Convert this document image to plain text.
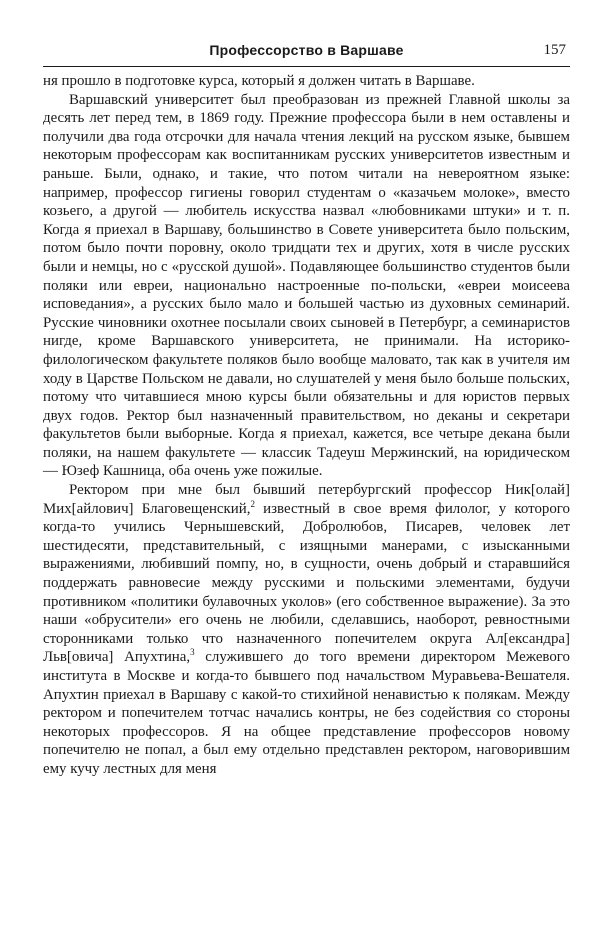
Профессорство в Варшаве	157

ня прошло в подготовке курса, который я должен читать в Варшаве.

Варшавский университет был преобразован из прежней Главной школы за десять лет перед тем, в 1869 году. Прежние профессора были в нем оставлены и получили два года отсрочки для начала чтения лекций на русском языке, бывшем некоторым профессорам как воспитанникам русских университетов известным и раньше. Были, однако, и такие, что потом читали на невероятном языке: например, профессор гигиены говорил студентам о «казачьем молоке», вместо козьего, а другой — любитель искусства назвал «любовниками штуки» и т. п. Когда я приехал в Варшаву, большинство в Совете университета было польским, потом было почти поровну, около тридцати тех и других, хотя в числе русских были и немцы, но с «русской душой». Подавляющее большинство студентов были поляки или евреи, национально настроенные по-польски, «евреи моисеева исповедания», а русских было мало и большей частью из духовных семинарий. Русские чиновники охотнее посылали своих сыновей в Петербург, а семинаристов нигде, кроме Варшавского университета, не принимали. На историко-филологическом факультете поляков было вообще маловато, так как в учителя им ходу в Царстве Польском не давали, но слушателей у меня было больше польских, потому что читавшиеся мною курсы были обязательны и для юристов первых двух годов. Ректор был назначенный правительством, но деканы и секретари факультетов были выборные. Когда я приехал, кажется, все четыре декана были поляки, на нашем факультете — классик Тадеуш Мержинский, на юридическом — Юзеф Кашница, оба очень уже пожилые.

Ректором при мне был бывший петербургский профессор Ник[олай] Мих[айлович] Благовещенский,$^2$ известный в свое время филолог, у которого когда-то учились Чернышевский, Добролюбов, Писарев, человек лет шестидесяти, представительный, с изящными манерами, с изысканными выражениями, любивший помпу, но, в сущности, очень добрый и старавшийся поддержать равновесие между русскими и польскими элементами, будучи противником «политики булавочных уколов» (его собственное выражение). За это наши «обрусители» его очень не любили, сделавшись, наоборот, ревностными сторонниками только что назначенного попечителем округа Ал[ександра] Льв[овича] Апухтина,$^3$ служившего до того времени директором Межевого института в Москве и когда-то бывшего под начальством Муравьева-Вешателя. Апухтин приехал в Варшаву с какой-то стихийной ненавистью к полякам. Между ректором и попечителем тотчас начались контры, не без содействия со стороны некоторых профессоров. Я на общее представление профессоров новому попечителю не попал, а был ему отдельно представлен ректором, наговорившим ему кучу лестных для меня
